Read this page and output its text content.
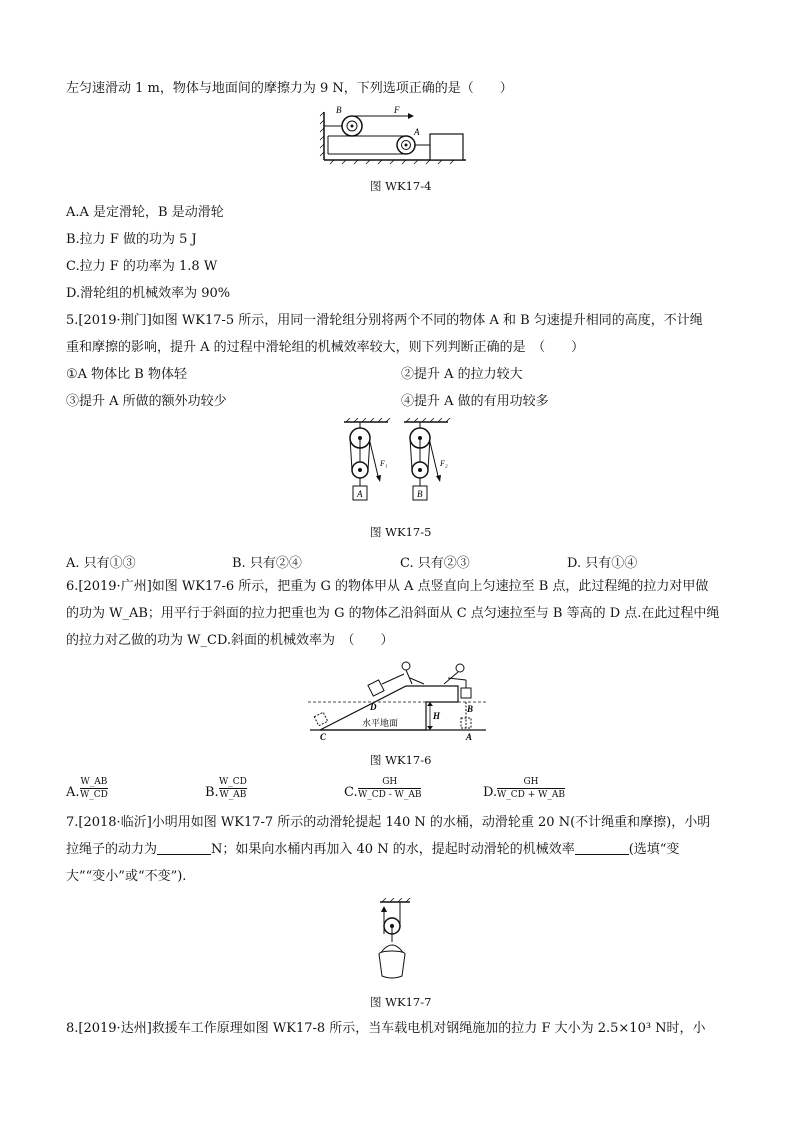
左匀速滑动 1 m，物体与地面间的摩擦力为 9 N，下列选项正确的是（　　）
B	F
A
图 WK17-4
A.A 是定滑轮，B 是动滑轮
B.拉力 F 做的功为 5 J
C.拉力 F 的功率为 1.8 W
D.滑轮组的机械效率为 90%
5.[2019·荆门]如图 WK17-5 所示，用同一滑轮组分别将两个不同的物体 A 和 B 匀速提升相同的高度，不计绳
重和摩擦的影响，提升 A 的过程中滑轮组的机械效率较大，则下列判断正确的是　（　　）
①A 物体比 B 物体轻	②提升 A 的拉力较大
③提升 A 所做的额外功较少	④提升 A 做的有用功较多
F₁
A
F₂
B
图 WK17-5
A. 只有①③	B. 只有②④	C. 只有②③	D. 只有①④
6.[2019·广州]如图 WK17-6 所示，把重为 G 的物体甲从 A 点竖直向上匀速拉至 B 点，此过程绳的拉力对甲做
的功为 W_AB；用平行于斜面的拉力把重也为 G 的物体乙沿斜面从 C 点匀速拉至与 B 等高的 D 点.在此过程中绳
的拉力对乙做的功为 W_CD.斜面的机械效率为　（　　）
D
H
B
水平地面
C	A
图 WK17-6
A.
W_AB
W_CD	B.
W_CD
W_AB	C.
GH
W_CD - W_AB	D.
GH
W_CD + W_AB
7.[2018·临沂]小明用如图 WK17-7 所示的动滑轮提起 140 N 的水桶，动滑轮重 20 N(不计绳重和摩擦)，小明
拉绳子的动力为	N；如果向水桶内再加入 40 N 的水，提起时动滑轮的机械效率	(选填“变
大”“变小”或“不变”).
图 WK17-7
8.[2019·达州]救援车工作原理如图 WK17-8 所示，当车载电机对钢绳施加的拉力 F 大小为 2.5×10³ N时，小
